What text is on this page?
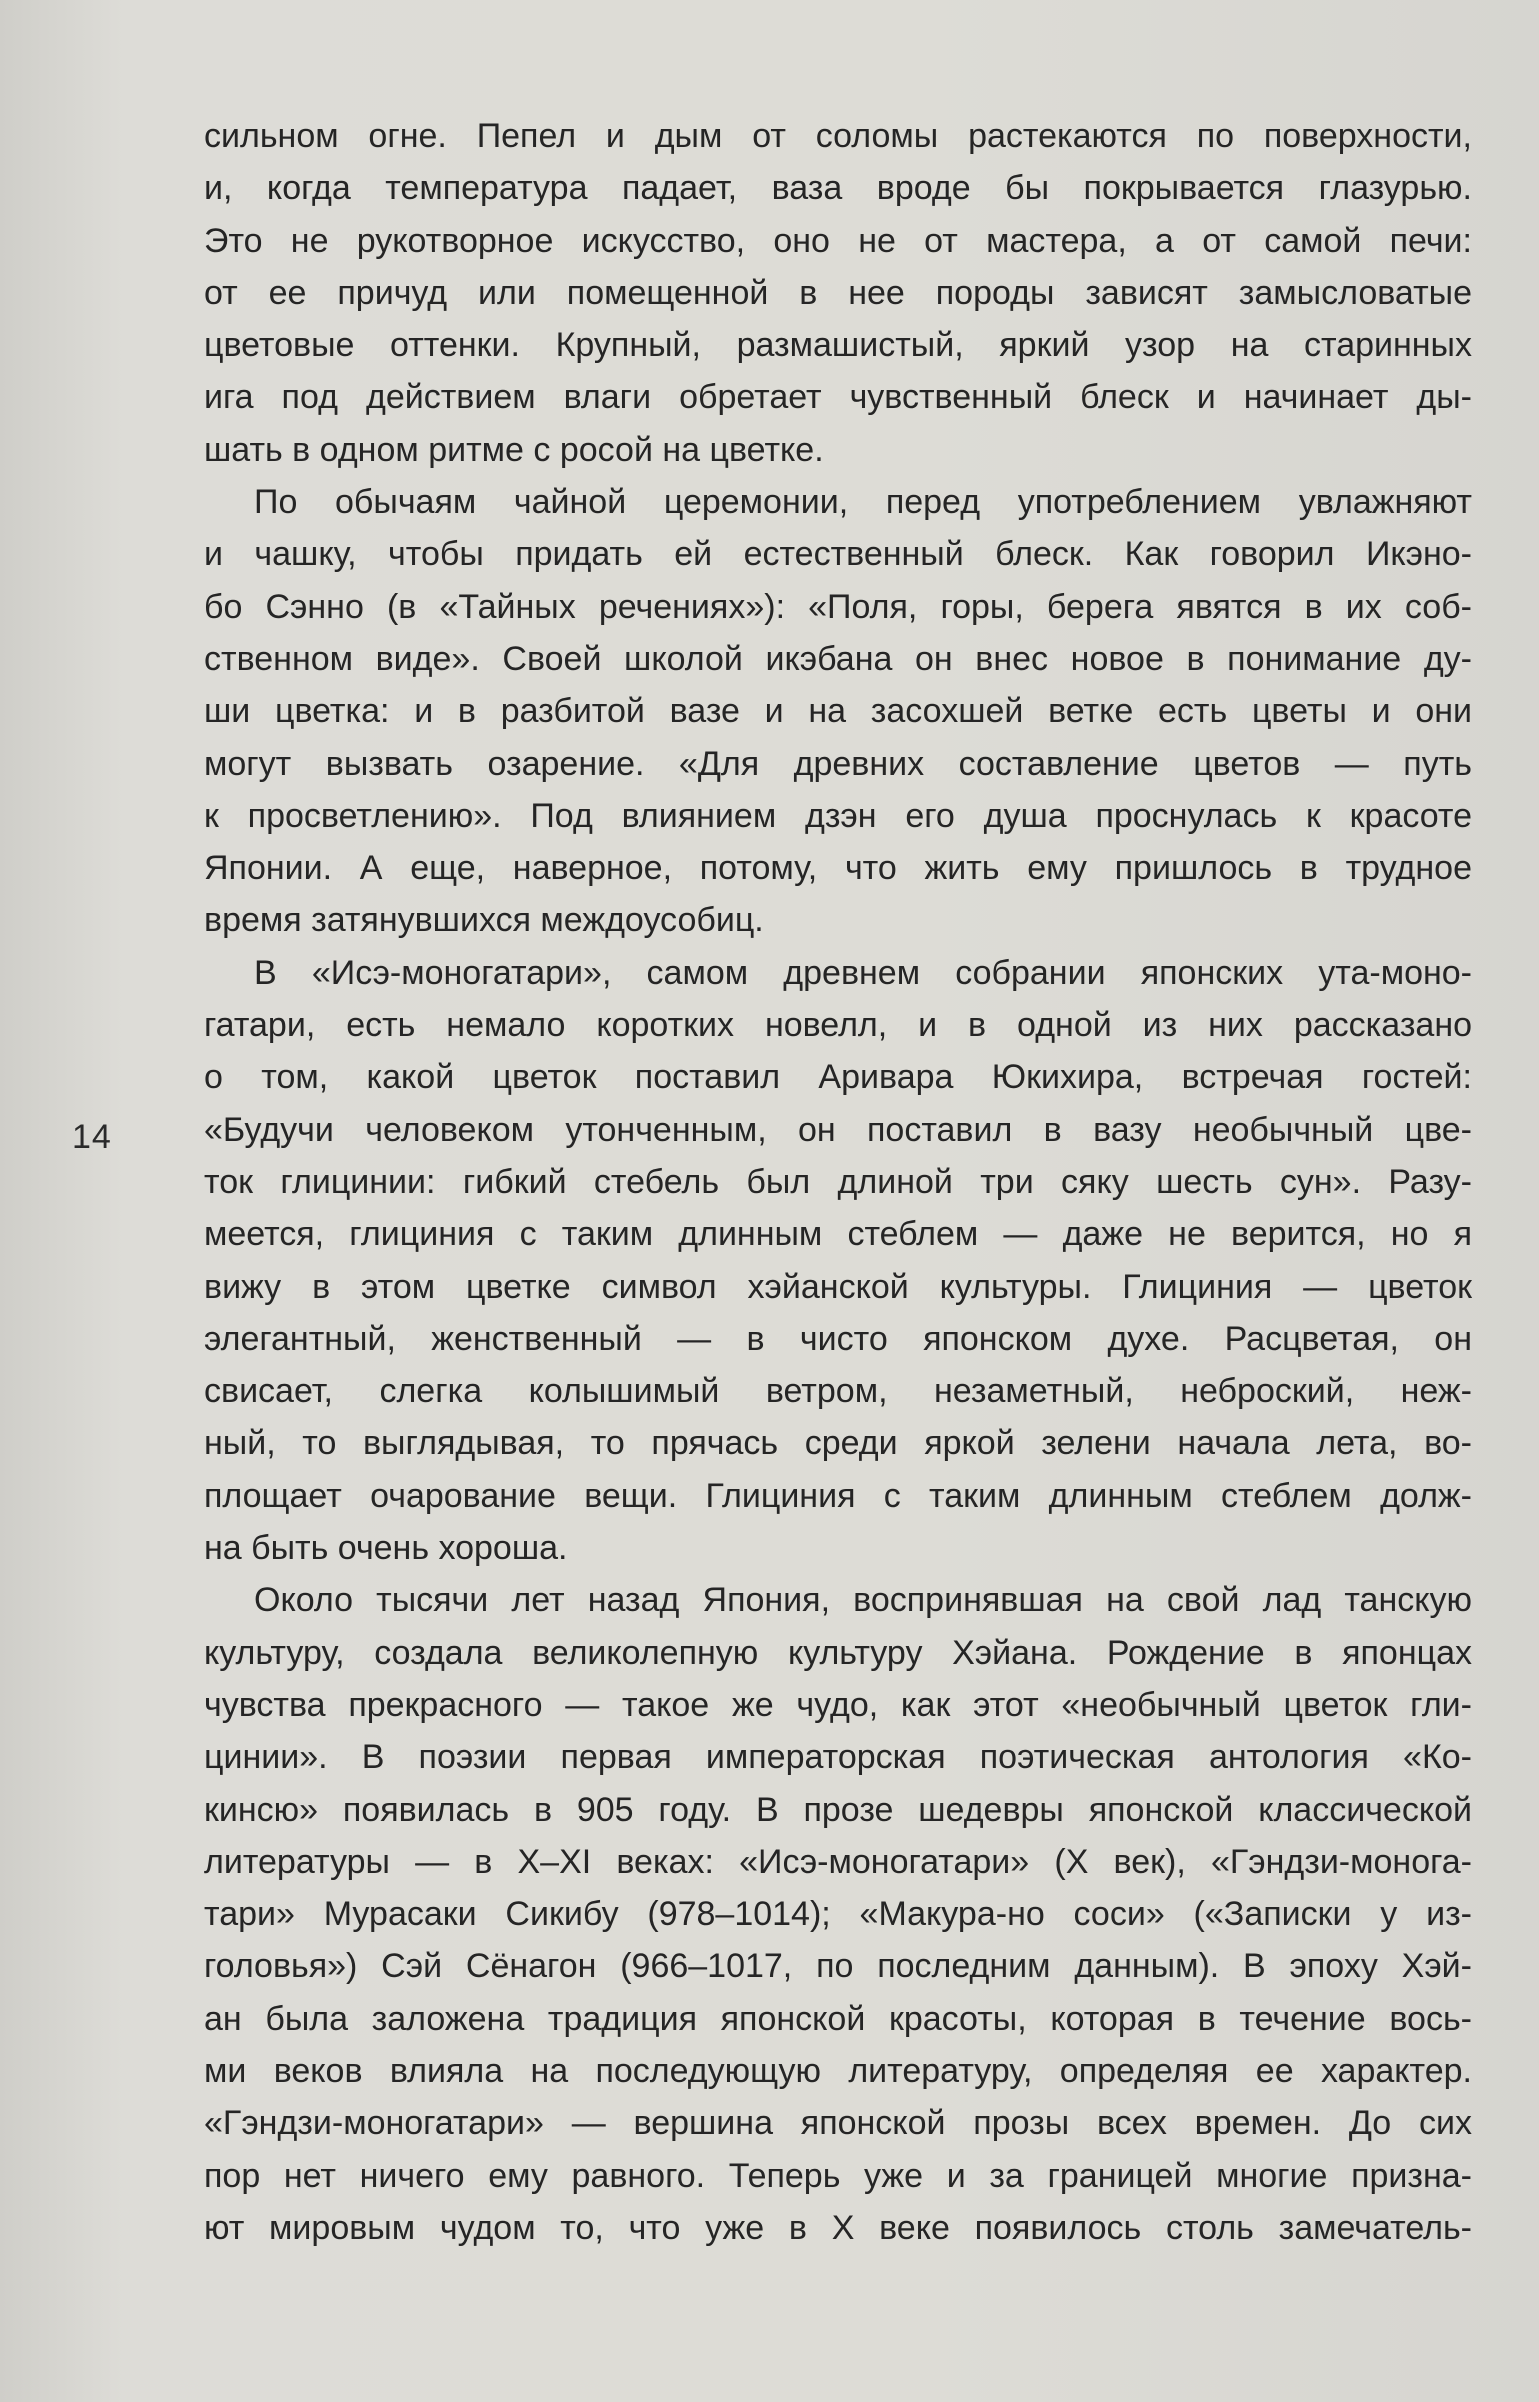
14
сильном огне. Пепел и дым от соломы растекаются по поверхности,
и, когда температура падает, ваза вроде бы покрывается глазурью.
Это не рукотворное искусство, оно не от мастера, а от самой печи:
от ее причуд или помещенной в нее породы зависят замысловатые
цветовые оттенки. Крупный, размашистый, яркий узор на старинных
ига под действием влаги обретает чувственный блеск и начинает ды-
шать в одном ритме с росой на цветке.
По обычаям чайной церемонии, перед употреблением увлажняют
и чашку, чтобы придать ей естественный блеск. Как говорил Икэно-
бо Сэнно (в «Тайных речениях»): «Поля, горы, берега явятся в их соб-
ственном виде». Своей школой икэбана он внес новое в понимание ду-
ши цветка: и в разбитой вазе и на засохшей ветке есть цветы и они
могут вызвать озарение. «Для древних составление цветов — путь
к просветлению». Под влиянием дзэн его душа проснулась к красоте
Японии. А еще, наверное, потому, что жить ему пришлось в трудное
время затянувшихся междоусобиц.
В «Исэ-моногатари», самом древнем собрании японских ута-моно-
гатари, есть немало коротких новелл, и в одной из них рассказано
о том, какой цветок поставил Аривара Юкихира, встречая гостей:
«Будучи человеком утонченным, он поставил в вазу необычный цве-
ток глицинии: гибкий стебель был длиной три сяку шесть сун». Разу-
меется, глициния с таким длинным стеблем — даже не верится, но я
вижу в этом цветке символ хэйанской культуры. Глициния — цветок
элегантный, женственный — в чисто японском духе. Расцветая, он
свисает, слегка колышимый ветром, незаметный, неброский, неж-
ный, то выглядывая, то прячась среди яркой зелени начала лета, во-
площает очарование вещи. Глициния с таким длинным стеблем долж-
на быть очень хороша.
Около тысячи лет назад Япония, воспринявшая на свой лад танскую
культуру, создала великолепную культуру Хэйана. Рождение в японцах
чувства прекрасного — такое же чудо, как этот «необычный цветок гли-
цинии». В поэзии первая императорская поэтическая антология «Ко-
кинсю» появилась в 905 году. В прозе шедевры японской классической
литературы — в X–XI веках: «Исэ-моногатари» (X век), «Гэндзи-монога-
тари» Мурасаки Сикибу (978–1014); «Макура-но соси» («Записки у из-
головья») Сэй Сёнагон (966–1017, по последним данным). В эпоху Хэй-
ан была заложена традиция японской красоты, которая в течение вось-
ми веков влияла на последующую литературу, определяя ее характер.
«Гэндзи-моногатари» — вершина японской прозы всех времен. До сих
пор нет ничего ему равного. Теперь уже и за границей многие призна-
ют мировым чудом то, что уже в X веке появилось столь замечатель-
